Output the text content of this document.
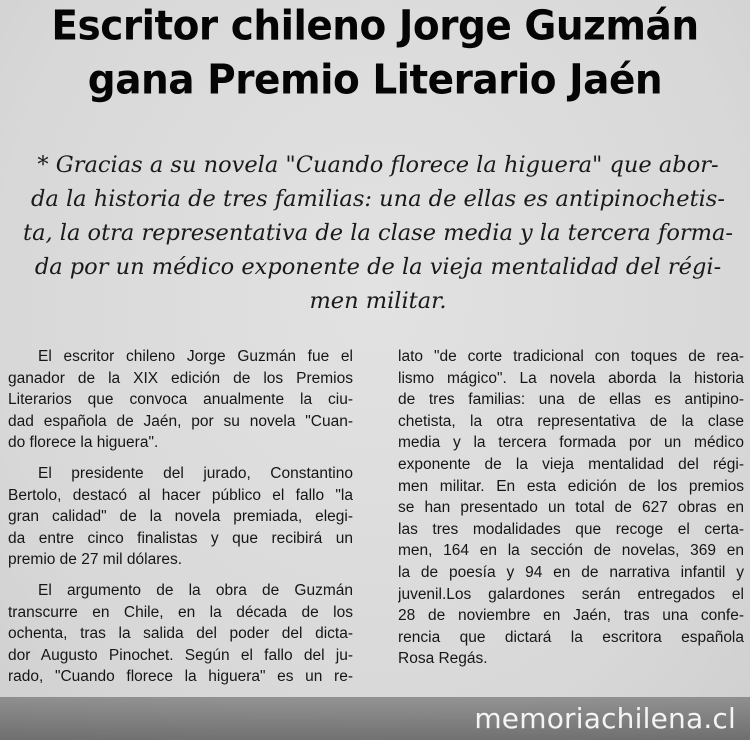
Escritor chileno Jorge Guzmán
gana Premio Literario Jaén

* Gracias a su novela "Cuando florece la higuera" que abor-
da la historia de tres familias: una de ellas es antipinochetis-
ta, la otra representativa de la clase media y la tercera forma-
da por un médico exponente de la vieja mentalidad del régi-
men militar.

El escritor chileno Jorge Guzmán fue el
ganador de la XIX edición de los Premios
Literarios que convoca anualmente la ciu-
dad española de Jaén, por su novela "Cuan-
do florece la higuera".
El presidente del jurado, Constantino
Bertolo, destacó al hacer público el fallo "la
gran calidad" de la novela premiada, elegi-
da entre cinco finalistas y que recibirá un
premio de 27 mil dólares.
El argumento de la obra de Guzmán
transcurre en Chile, en la década de los
ochenta, tras la salida del poder del dicta-
dor Augusto Pinochet. Según el fallo del ju-
rado, "Cuando florece la higuera" es un re-
lato "de corte tradicional con toques de rea-
lismo mágico". La novela aborda la historia
de tres familias: una de ellas es antipino-
chetista, la otra representativa de la clase
media y la tercera formada por un médico
exponente de la vieja mentalidad del régi-
men militar. En esta edición de los premios
se han presentado un total de 627 obras en
las tres modalidades que recoge el certa-
men, 164 en la sección de novelas, 369 en
la de poesía y 94 en de narrativa infantil y
juvenil.Los galardones serán entregados el
28 de noviembre en Jaén, tras una confe-
rencia que dictará la escritora española
Rosa Regás.
memoriachilena.cl
